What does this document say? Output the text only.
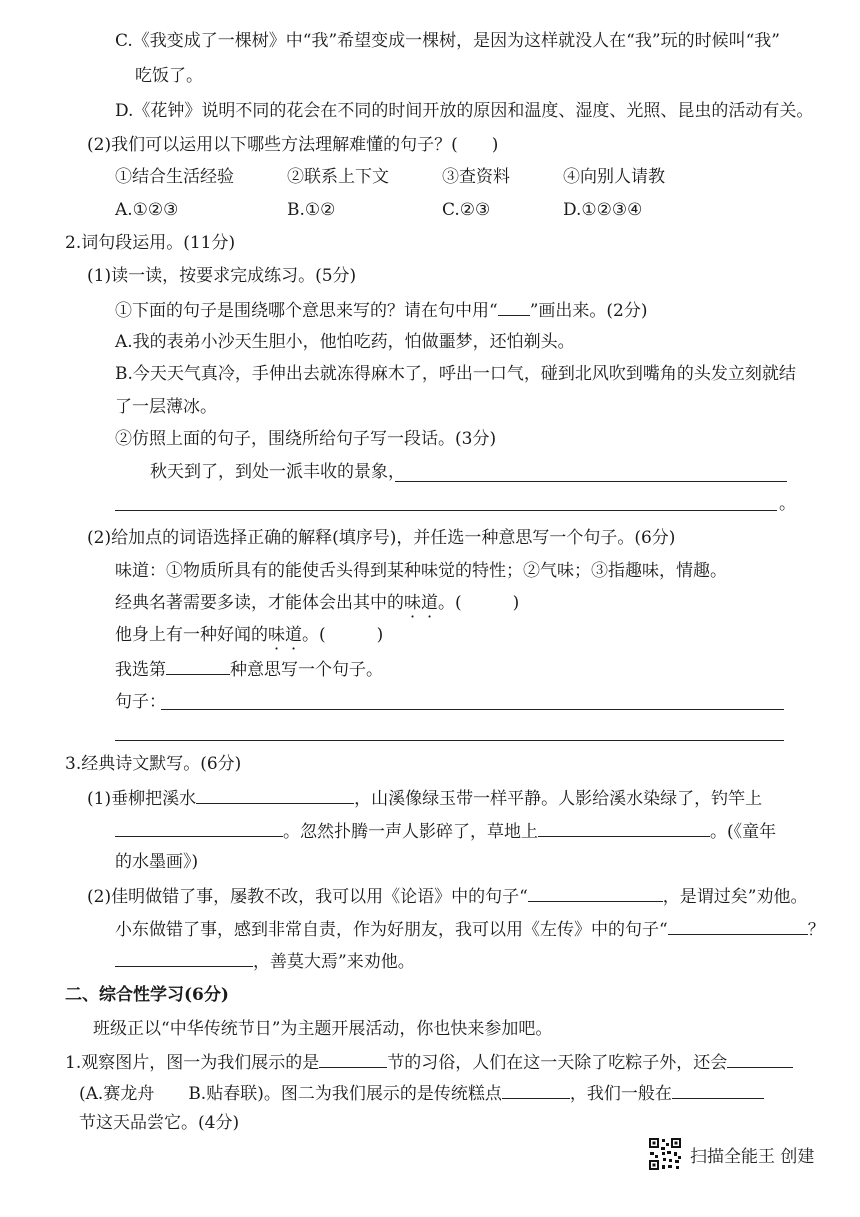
C.《我变成了一棵树》中“我”希望变成一棵树，是因为这样就没人在“我”玩的时候叫“我”
吃饭了。
D.《花钟》说明不同的花会在不同的时间开放的原因和温度、湿度、光照、昆虫的活动有关。
(2)我们可以运用以下哪些方法理解难懂的句子？(　　)
①结合生活经验	②联系上下文	③查资料	④向别人请教
A.①②③	B.①②	C.②③	D.①②③④
2.词句段运用。(11分)
(1)读一读，按要求完成练习。(5分)
①下面的句子是围绕哪个意思来写的？请在句中用“ ”画出来。(2分)
A.我的表弟小沙天生胆小，他怕吃药，怕做噩梦，还怕剃头。
B.今天天气真冷，手伸出去就冻得麻木了，呼出一口气，碰到北风吹到嘴角的头发立刻就结
了一层薄冰。
②仿照上面的句子，围绕所给句子写一段话。(3分)
秋天到了，到处一派丰收的景象，
。
(2)给加点的词语选择正确的解释(填序号)，并任选一种意思写一个句子。(6分)
味道：①物质所具有的能使舌头得到某种味觉的特性；②气味；③指趣味，情趣。
经典名著需要多读，才能体会出其中的味道。(　　　)
他身上有一种好闻的味道。(　　　)
我选第	种意思写一个句子。
句子：
3.经典诗文默写。(6分)
(1)垂柳把溪水	，山溪像绿玉带一样平静。人影给溪水染绿了，钓竿上
。忽然扑腾一声人影碎了，草地上	。(《童年
的水墨画》)
(2)佳明做错了事，屡教不改，我可以用《论语》中的句子“	，是谓过矣”劝他。
小东做错了事，感到非常自责，作为好朋友，我可以用《左传》中的句子“	？
，善莫大焉”来劝他。
二、综合性学习(6分)
班级正以“中华传统节日”为主题开展活动，你也快来参加吧。
1.观察图片，图一为我们展示的是	节的习俗，人们在这一天除了吃粽子外，还会
(A.赛龙舟　　B.贴春联)。图二为我们展示的是传统糕点	，我们一般在
节这天品尝它。(4分)
扫描全能王 创建
